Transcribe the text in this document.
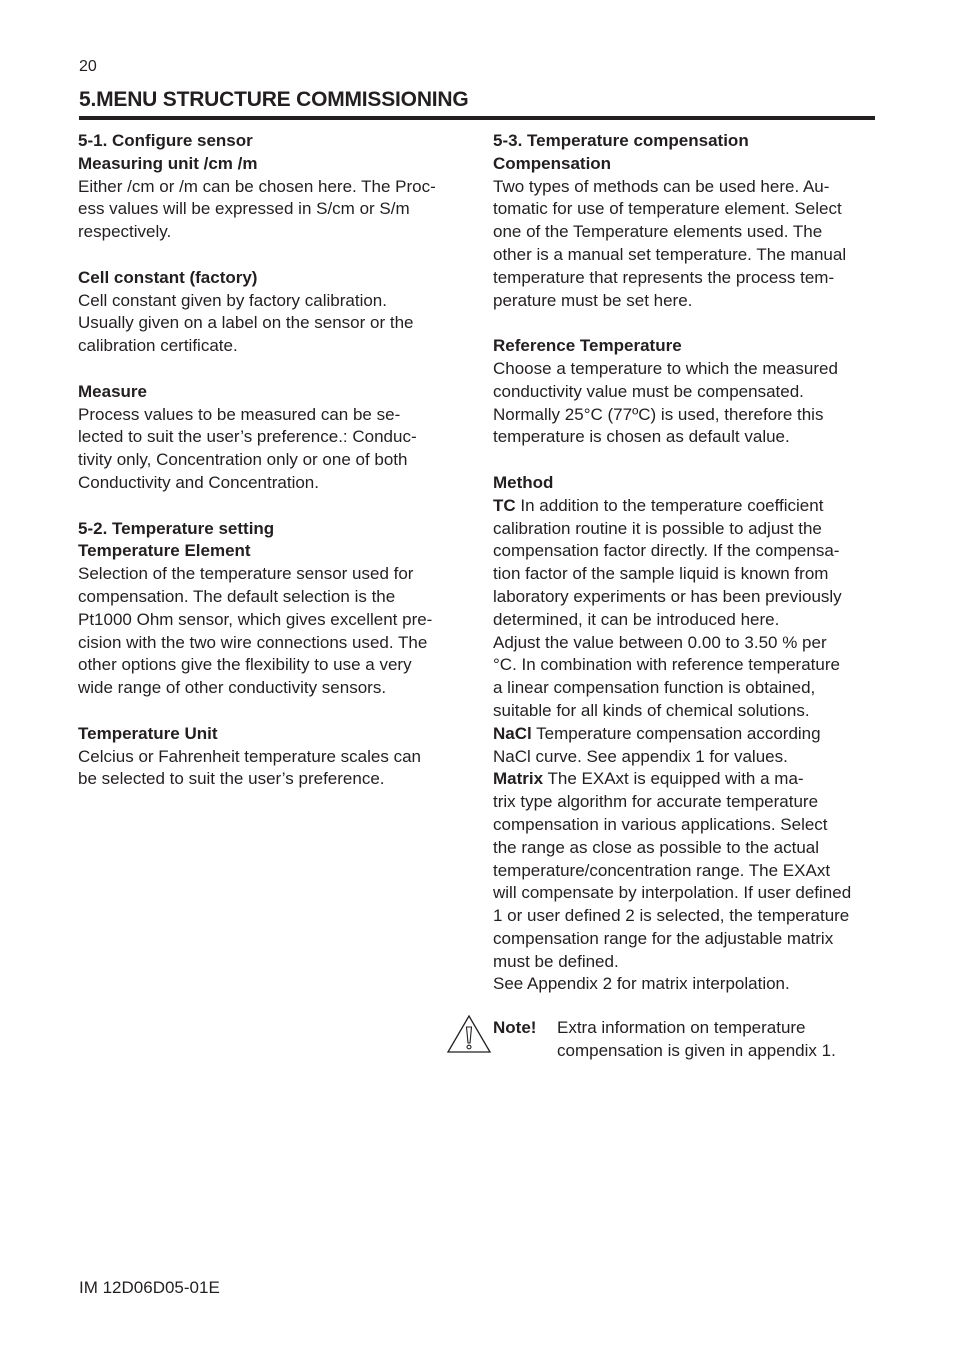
20
5.MENU STRUCTURE COMMISSIONING

5-1. Configure sensor

Measuring unit /cm /m

Either /cm or /m can be chosen here. The Proc-

ess values will be expressed in S/cm or S/m

respectively.

Cell constant (factory)

Cell constant given by factory calibration.

Usually given on a label on the sensor or the

calibration certificate.

Measure

Process values to be measured can be se-

lected to suit the user’s preference.: Conduc-

tivity only, Concentration only or one of both

Conductivity and Concentration.

5-2. Temperature setting

Temperature Element

Selection of the temperature sensor used for

compensation. The default selection is the

Pt1000 Ohm sensor, which gives excellent pre-

cision with the two wire connections used. The

other options give the flexibility to use a very

wide range of other conductivity sensors.

Temperature Unit

Celcius or Fahrenheit temperature scales can

be selected to suit the user’s preference.

5-3. Temperature compensation

Compensation

Two types of methods can be used here. Au-

tomatic for use of temperature element. Select

one of the Temperature elements used. The

other is a manual set temperature. The manual

temperature that represents the process tem-

perature must be set here.

Reference Temperature

Choose a temperature to which the measured

conductivity value must be compensated.

Normally 25°C (77ºC) is used, therefore this

temperature is chosen as default value.

Method

TC In addition to the temperature coefficient

calibration routine it is possible to adjust the

compensation factor directly. If the compensa-

tion factor of the sample liquid is known from

laboratory experiments or has been previously

determined, it can be introduced here.

Adjust the value between 0.00 to 3.50 % per

°C. In combination with reference temperature

a linear compensation function is obtained,

suitable for all kinds of chemical solutions.

NaCl Temperature compensation according

NaCl curve. See appendix 1 for values.

Matrix The EXAxt is equipped with a ma-

trix type algorithm for accurate temperature

compensation in various applications. Select

the range as close as possible to the actual

temperature/concentration range. The EXAxt

will compensate by interpolation. If user defined

1 or user defined 2 is selected, the temperature

compensation range for the adjustable matrix

must be defined.

See Appendix 2 for matrix interpolation.

Note! Extra information on temperature

compensation is given in appendix 1.

IM 12D06D05-01E
